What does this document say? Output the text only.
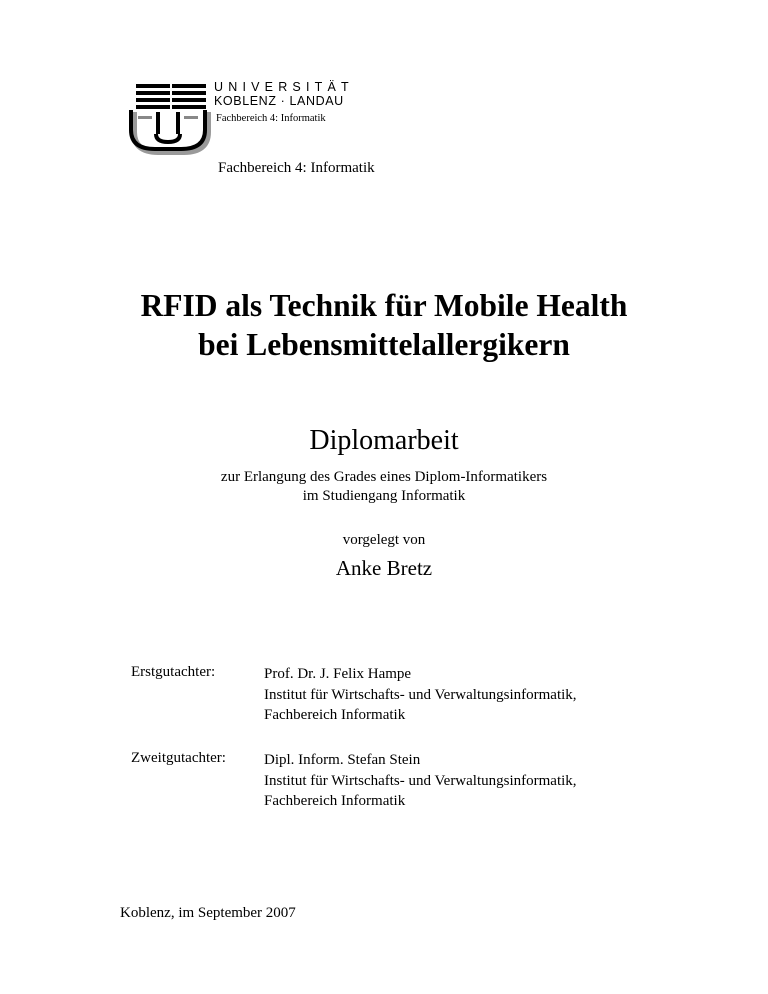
UNIVERSITÄT
KOBLENZ · LANDAU
Fachbereich 4: Informatik
Fachbereich 4: Informatik
RFID als Technik für Mobile Health
bei Lebensmittelallergikern
Diplomarbeit
zur Erlangung des Grades eines Diplom-Informatikers
im Studiengang Informatik
vorgelegt von
Anke Bretz
Erstgutachter:	Prof. Dr. J. Felix Hampe
Institut für Wirtschafts- und Verwaltungsinformatik,
Fachbereich Informatik
Zweitgutachter:	Dipl. Inform. Stefan Stein
Institut für Wirtschafts- und Verwaltungsinformatik,
Fachbereich Informatik
Koblenz, im September 2007
